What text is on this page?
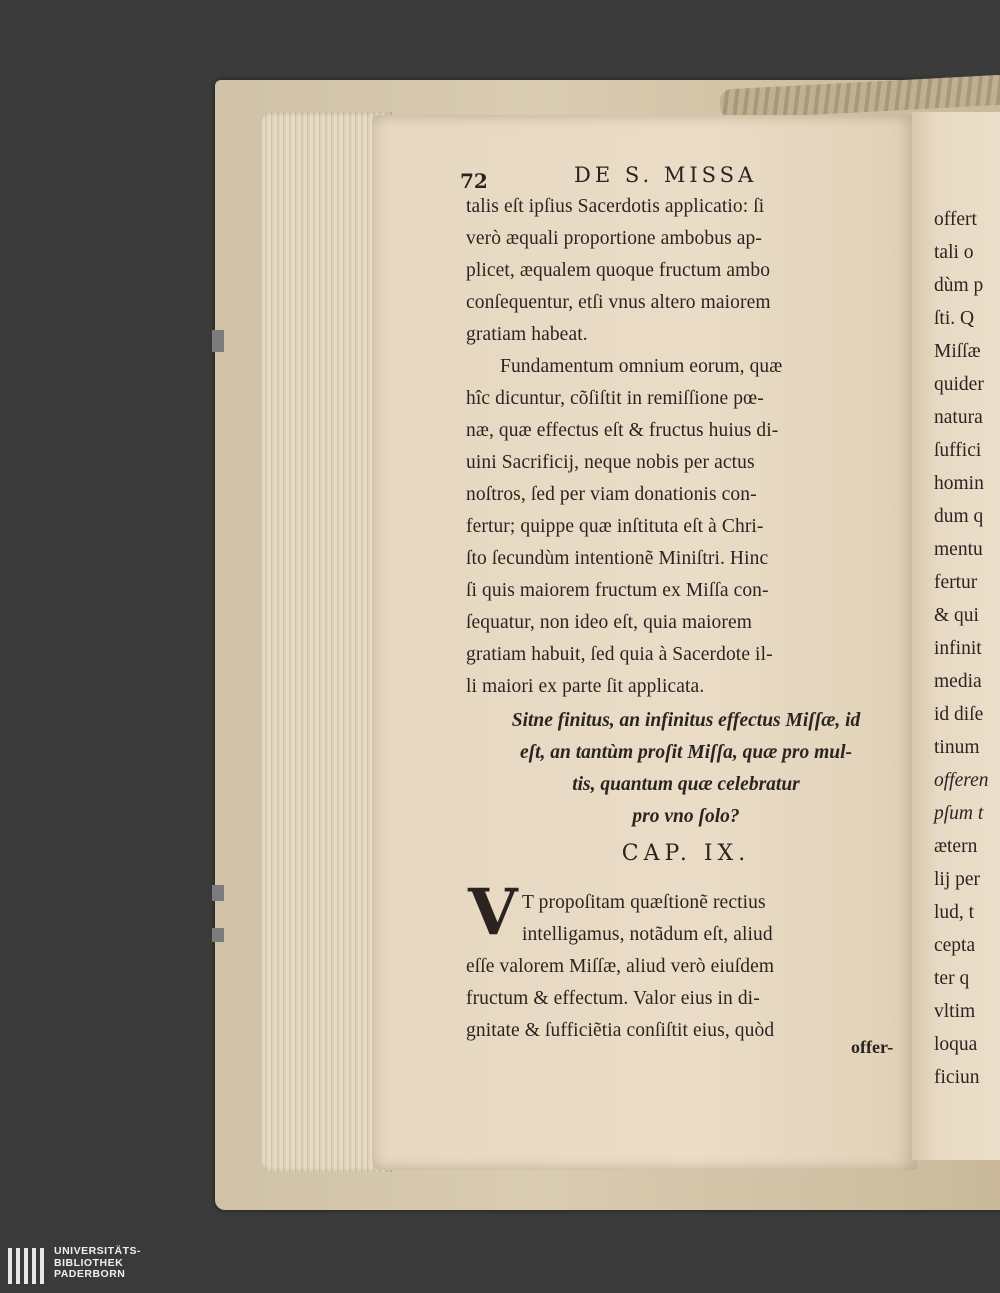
offert
tali o
dùm p
ſti. Q
Miſſæ
quider
natura
ſuffici
homin
dum q
mentu
fertur
& qui
infinit
media
id diſe
tinum
offeren
pſum t
ætern
lij per
lud, t
cepta
ter q
vltim
loqua
ficiun
72	DE S. MISSA
talis eſt ipſius Sacerdotis applicatio: ſi
verò æquali proportione ambobus ap-
plicet, æqualem quoque fructum ambo
conſequentur, etſi vnus altero maiorem
gratiam habeat.
Fundamentum omnium eorum, quæ
hîc dicuntur, cõſiſtit in remiſſione pœ-
næ, quæ effectus eſt & fructus huius di-
uini Sacrificij, neque nobis per actus
noſtros, ſed per viam donationis con-
fertur; quippe quæ inſtituta eſt à Chri-
ſto ſecundùm intentionẽ Miniſtri. Hinc
ſi quis maiorem fructum ex Miſſa con-
ſequatur, non ideo eſt, quia maiorem
gratiam habuit, ſed quia à Sacerdote il-
li maiori ex parte ſit applicata.
Sitne finitus, an infinitus effectus Miſſæ, id
eſt, an tantùm proſit Miſſa, quæ pro mul-
tis, quantum quæ celebratur
pro vno ſolo?
CAP. IX.
V T propoſitam quæſtionẽ rectius
intelligamus, notãdum eſt, aliud
eſſe valorem Miſſæ, aliud verò eiuſdem
fructum & effectum. Valor eius in di-
gnitate & ſufficiẽtia conſiſtit eius, quòd
offer-
UNIVERSITÄTS-
BIBLIOTHEK
PADERBORN
